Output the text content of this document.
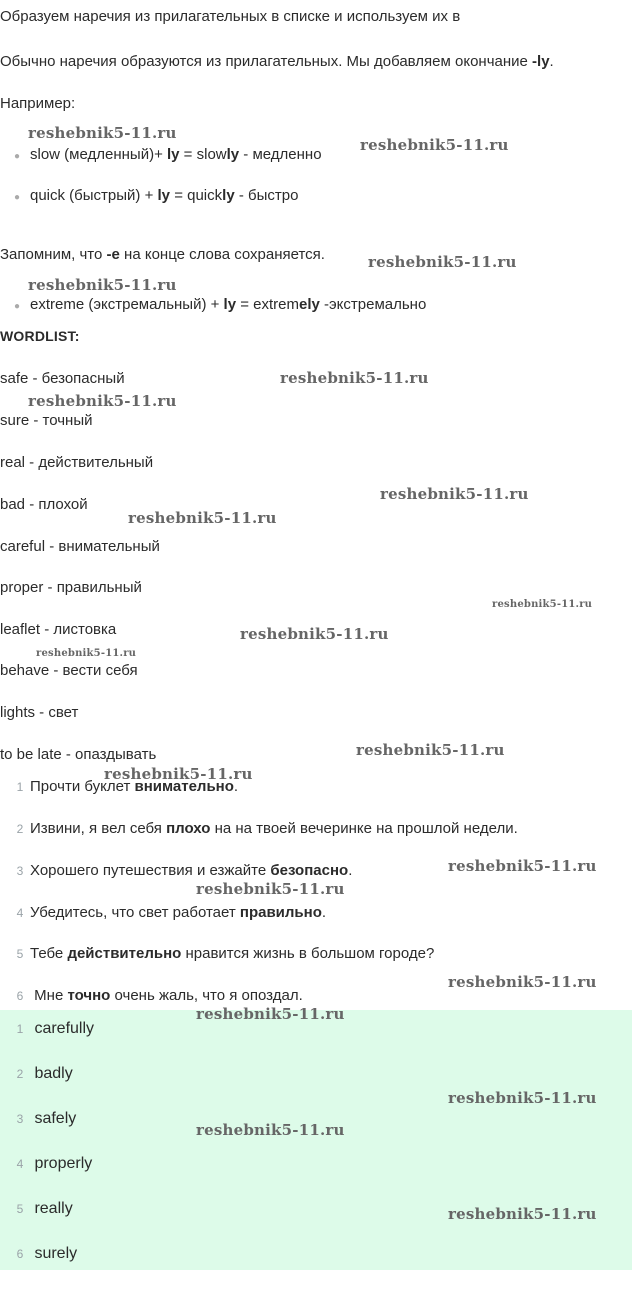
Образуем наречия из прилагательных в списке и используем их в
Обычно наречия образуются из прилагательных. Мы добавляем окончание -ly.
Например:
● slow (медленный)+ ly = slowly - медленно
● quick (быстрый) + ly = quickly - быстро
Запомним, что -e на конце слова сохраняется.
● extreme (экстремальный) + ly = extremely -экстремально
WORDLIST:
safe - безопасный
sure - точный
real - действительный
bad - плохой
careful - внимательный
proper - правильный
leaflet - листовка
behave - вести себя
lights - свет
to be late - опаздывать
1 Прочти буклет внимательно.
2 Извини, я вел себя плохо на на твоей вечеринке на прошлой недели.
3 Хорошего путешествия и езжайте безопасно.
4 Убедитесь, что свет работает правильно.
5 Тебе действительно нравится жизнь в большом городе?
6 Мне точно очень жаль, что я опоздал.
1 carefully
2 badly
3 safely
4 properly
5 really
6 surely
reshebnik5-11.ru
reshebnik5-11.ru
reshebnik5-11.ru
reshebnik5-11.ru
reshebnik5-11.ru
reshebnik5-11.ru
reshebnik5-11.ru
reshebnik5-11.ru
reshebnik5-11.ru
reshebnik5-11.ru
reshebnik5-11.ru
reshebnik5-11.ru
reshebnik5-11.ru
reshebnik5-11.ru
reshebnik5-11.ru
reshebnik5-11.ru
reshebnik5-11.ru
reshebnik5-11.ru
reshebnik5-11.ru
reshebnik5-11.ru
